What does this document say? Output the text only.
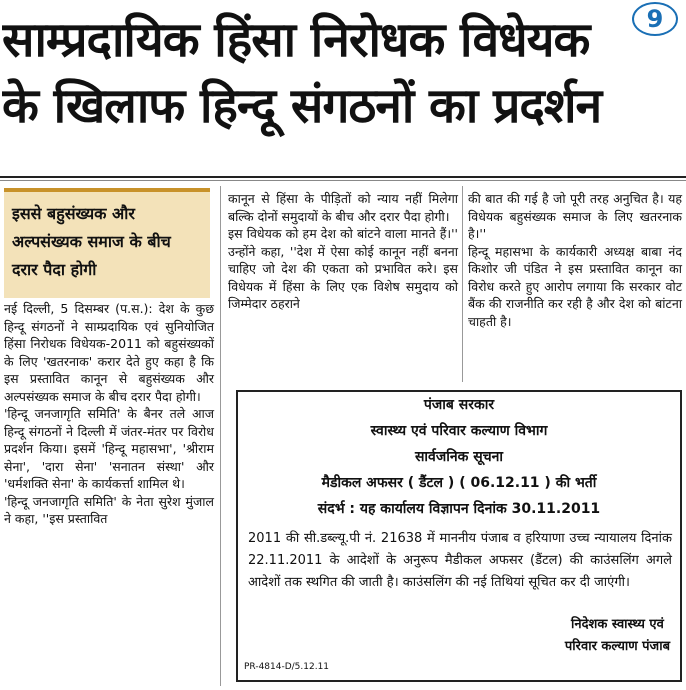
9
साम्प्रदायिक हिंसा निरोधक विधेयक
के खिलाफ हिन्दू संगठनों का प्रदर्शन

इससे बहुसंख्यक और अल्पसंख्यक समाज के बीच दरार पैदा होगी

नई दिल्ली, 5 दिसम्बर (प.स.): देश के कुछ हिन्दू संगठनों ने साम्प्रदायिक एवं सुनियोजित हिंसा निरोधक विधेयक-2011 को बहुसंख्यकों के लिए 'खतरनाक' करार देते हुए कहा है कि इस प्रस्तावित कानून से बहुसंख्यक और अल्पसंख्यक समाज के बीच दरार पैदा होगी।

'हिन्दू जनजागृति समिति' के बैनर तले आज हिन्दू संगठनों ने दिल्ली में जंतर-मंतर पर विरोध प्रदर्शन किया। इसमें 'हिन्दू महासभा', 'श्रीराम सेना', 'दारा सेना' 'सनातन संस्था' और 'धर्मशक्ति सेना' के कार्यकर्त्ता शामिल थे।

'हिन्दू जनजागृति समिति' के नेता सुरेश मुंजाल ने कहा, ''इस प्रस्तावित

कानून से हिंसा के पीड़ितों को न्याय नहीं मिलेगा बल्कि दोनों समुदायों के बीच और दरार पैदा होगी।

इस विधेयक को हम देश को बांटने वाला मानते हैं।'' उन्होंने कहा, ''देश में ऐसा कोई कानून नहीं बनना चाहिए जो देश की एकता को प्रभावित करे। इस विधेयक में हिंसा के लिए एक विशेष समुदाय को जिम्मेदार ठहराने

की बात की गई है जो पूरी तरह अनुचित है। यह विधेयक बहुसंख्यक समाज के लिए खतरनाक है।''

हिन्दू महासभा के कार्यकारी अध्यक्ष बाबा नंद किशोर जी पंडित ने इस प्रस्तावित कानून का विरोध करते हुए आरोप लगाया कि सरकार वोट बैंक की राजनीति कर रही है और देश को बांटना चाहती है।

पंजाब सरकार
स्वास्थ्य एवं परिवार कल्याण विभाग
सार्वजनिक सूचना
मैडीकल अफसर ( डैंटल ) ( 06.12.11 ) की भर्ती
संदर्भ : यह कार्यालय विज्ञापन दिनांक 30.11.2011
2011 की सी.डब्ल्यू.पी नं. 21638 में माननीय पंजाब व हरियाणा उच्च न्यायालय दिनांक 22.11.2011 के आदेशों के अनुरूप मैडीकल अफसर (डैंटल) की काउंसलिंग अगले आदेशों तक स्थगित की जाती है। काउंसलिंग की नई तिथियां सूचित कर दी जाएंगी।
निदेशक स्वास्थ्य एवं
परिवार कल्याण पंजाब
PR-4814-D/5.12.11
